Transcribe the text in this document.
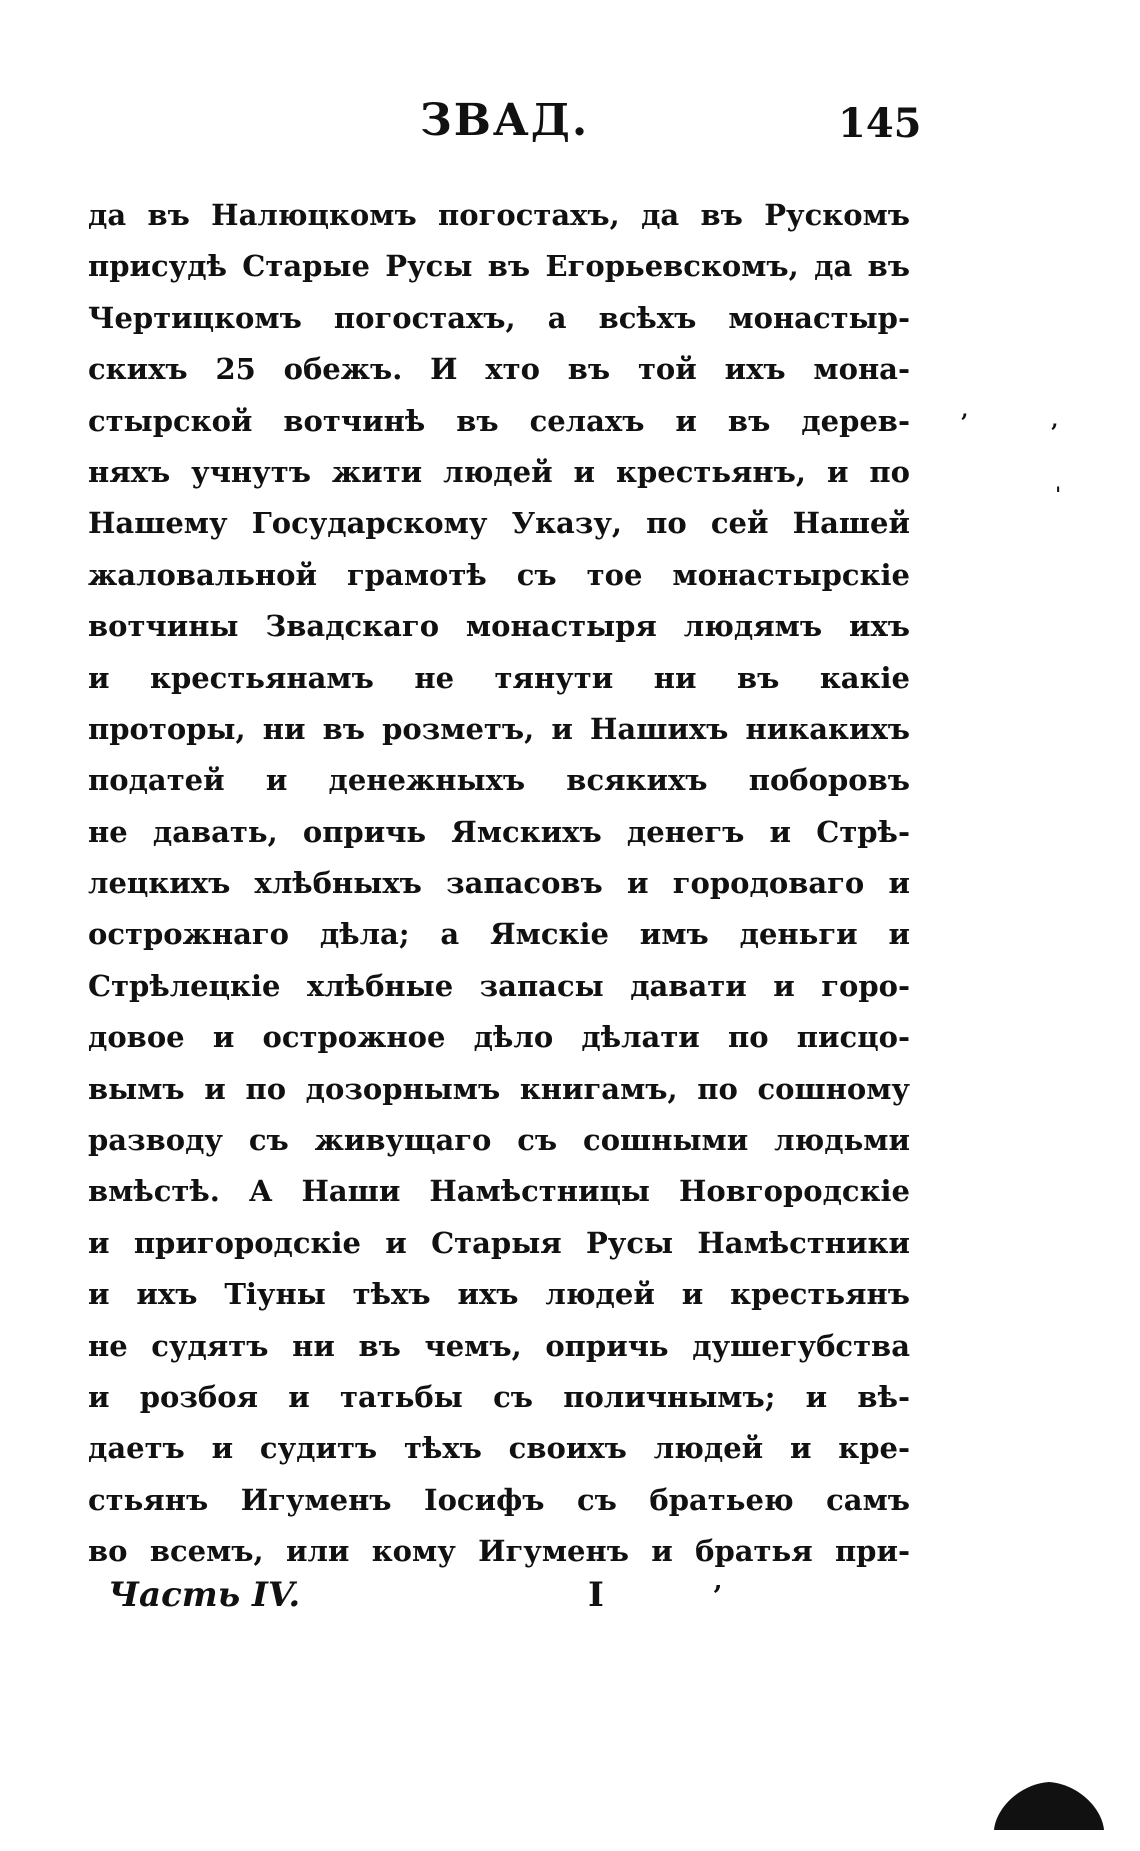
ЗВАД.	145
да въ Налюцкомъ погостахъ, да въ Рускомъ
присудѣ Старые Русы въ Егорьевскомъ, да въ
Чертицкомъ погостахъ, а всѣхъ монастыр-
скихъ 25 обежъ. И хто въ той ихъ мона-
стырской вотчинѣ въ селахъ и въ дерев-
няхъ учнутъ жити людей и крестьянъ, и по
Нашему Государскому Указу, по сей Нашей
жаловальной грамотѣ съ тое монастырскіе
вотчины Звадскаго монастыря людямъ ихъ
и крестьянамъ не тянути ни въ какіе
проторы, ни въ розметъ, и Нашихъ никакихъ
податей и денежныхъ всякихъ поборовъ
не давать, опричь Ямскихъ денегъ и Стрѣ-
лецкихъ хлѣбныхъ запасовъ и городоваго и
острожнаго дѣла; а Ямскіе имъ деньги и
Стрѣлецкіе хлѣбные запасы давати и горо-
довое и острожное дѣло дѣлати по писцо-
вымъ и по дозорнымъ книгамъ, по сошному
разводу съ живущаго съ сошными людьми
вмѣстѣ. А Наши Намѣстницы Новгородскіе
и пригородскіе и Старыя Русы Намѣстники
и ихъ Тіуны тѣхъ ихъ людей и крестьянъ
не судятъ ни въ чемъ, опричь душегубства
и розбоя и татьбы съ поличнымъ; и вѣ-
даетъ и судитъ тѣхъ своихъ людей и кре-
стьянъ Игуменъ Іосифъ съ братьею самъ
во всемъ, или кому Игуменъ и братья при-
Часть IV.	I
ʼ	ʼ
ˌ
ʼ
